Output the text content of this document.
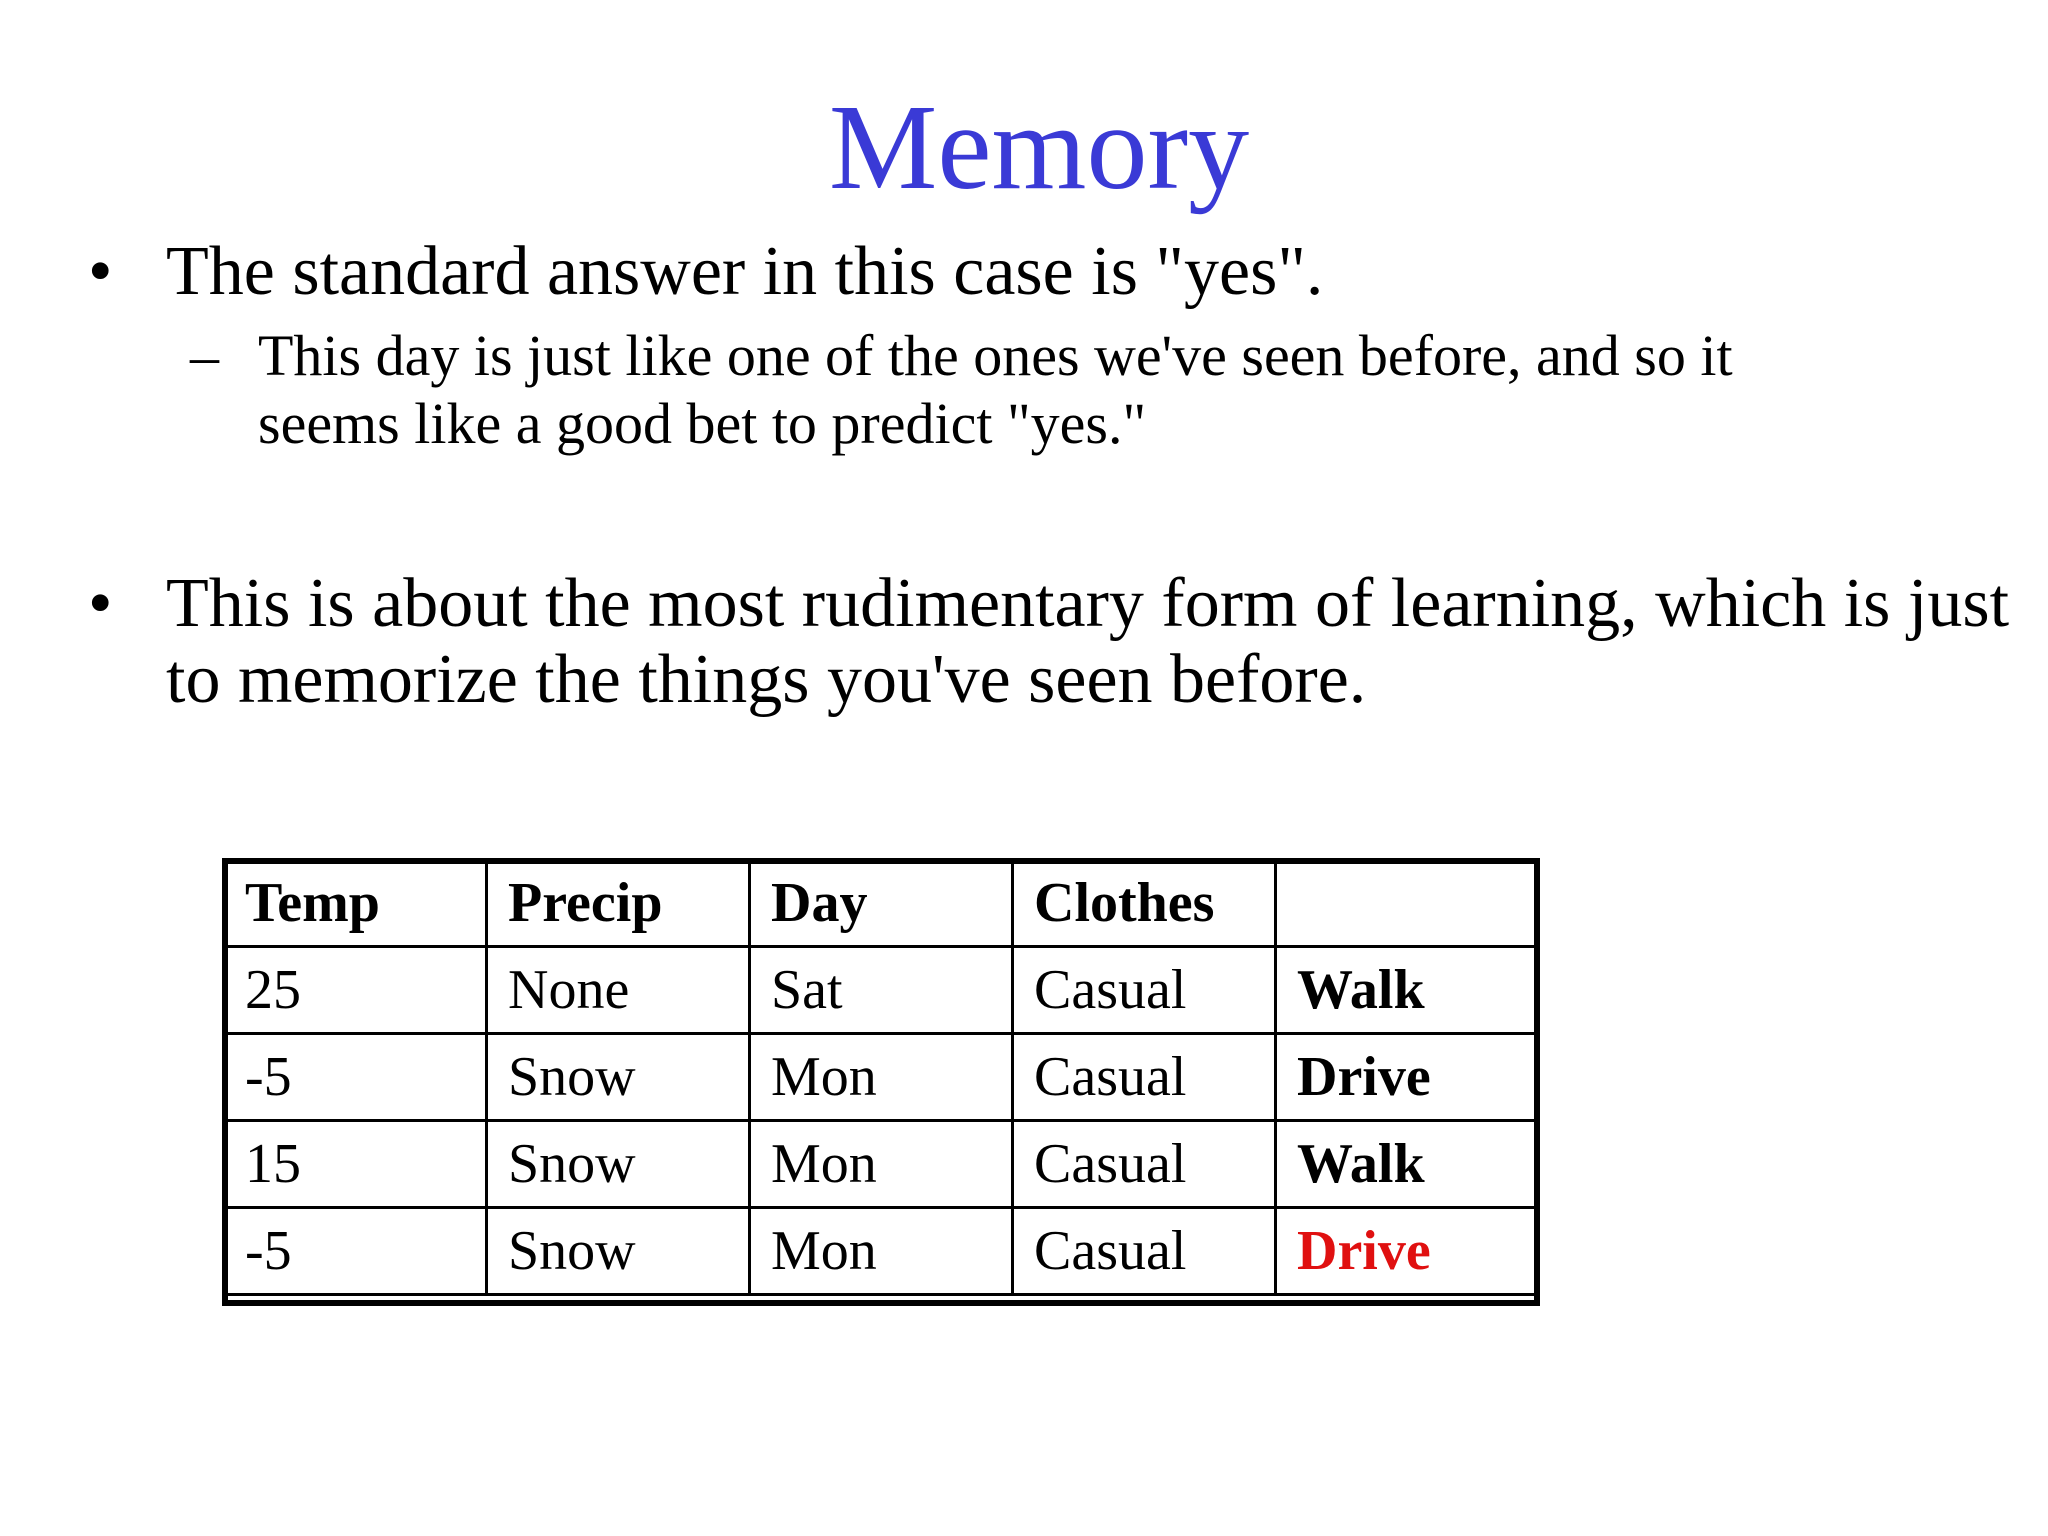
Memory
• The standard answer in this case is "yes".
– This day is just like one of the ones we've seen before, and so it
seems like a good bet to predict "yes."
• This is about the most rudimentary form of learning, which is just
to memorize the things you've seen before.
Temp	Precip	Day	Clothes	
25	None	Sat	Casual	Walk
-5	Snow	Mon	Casual	Drive
15	Snow	Mon	Casual	Walk
-5	Snow	Mon	Casual	Drive
